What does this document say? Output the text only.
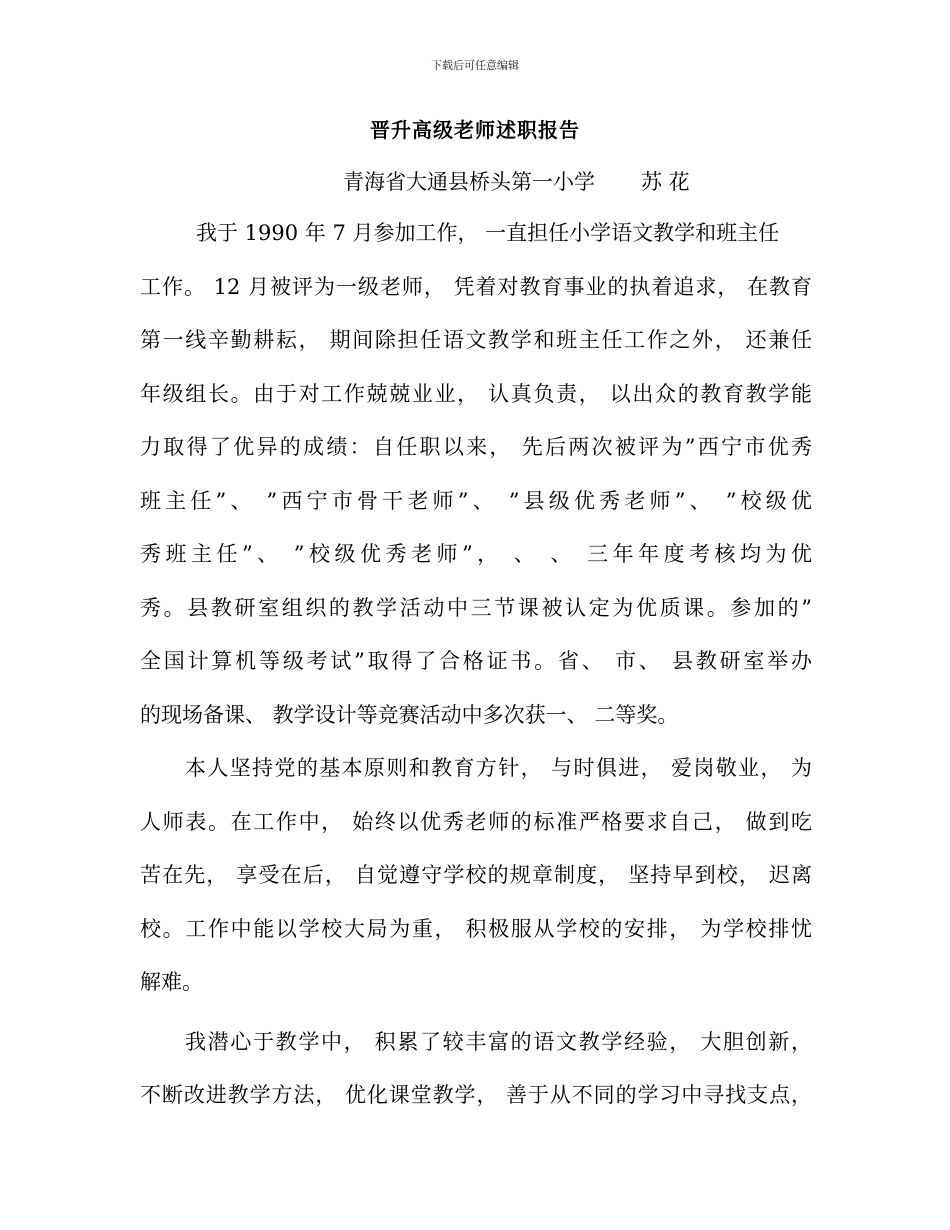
下载后可任意编辑
晋升高级老师述职报告
青海省大通县桥头第一小学 苏 花
我于 1990 年 7 月参加工作， 一直担任小学语文教学和班主任
工作。 12 月被评为一级老师， 凭着对教育事业的执着追求， 在教育
第一线辛勤耕耘， 期间除担任语文教学和班主任工作之外， 还兼任
年级组长。由于对工作兢兢业业， 认真负责， 以出众的教育教学能
力取得了优异的成绩：自任职以来， 先后两次被评为”西宁市优秀
班主任”、 ”西宁市骨干老师”、 ”县级优秀老师”、 ”校级优
秀班主任”、 ”校级优秀老师”， 、 、 三年年度考核均为优
秀。县教研室组织的教学活动中三节课被认定为优质课。参加的”
全国计算机等级考试”取得了合格证书。省、 市、 县教研室举办
的现场备课、 教学设计等竞赛活动中多次获一、 二等奖。
本人坚持党的基本原则和教育方针， 与时俱进， 爱岗敬业， 为
人师表。在工作中， 始终以优秀老师的标准严格要求自己， 做到吃
苦在先， 享受在后， 自觉遵守学校的规章制度， 坚持早到校， 迟离
校。工作中能以学校大局为重， 积极服从学校的安排， 为学校排忧
解难。
我潜心于教学中， 积累了较丰富的语文教学经验， 大胆创新，
不断改进教学方法， 优化课堂教学， 善于从不同的学习中寻找支点，
